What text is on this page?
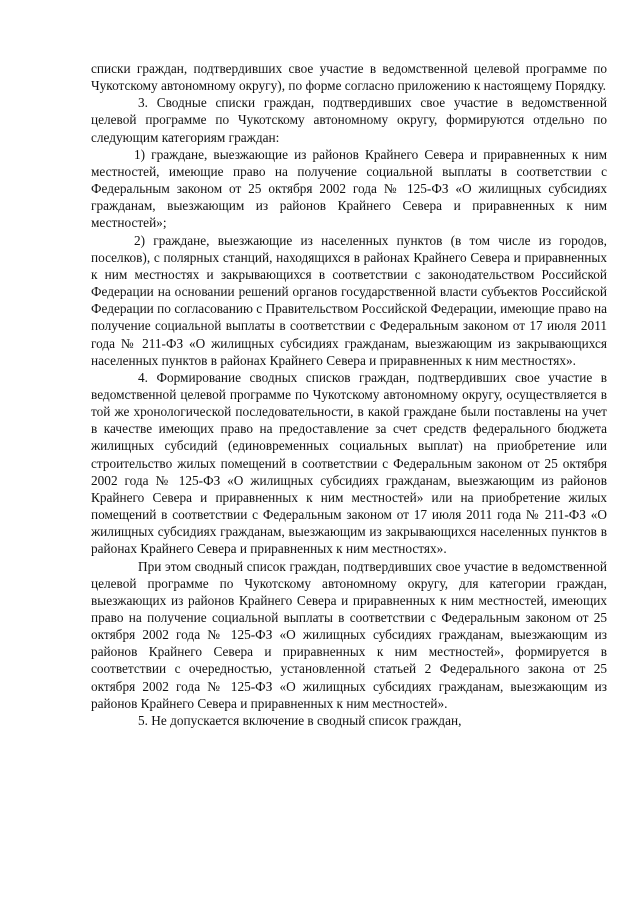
списки граждан, подтвердивших свое участие в ведомственной целевой программе по Чукотскому автономному округу), по форме согласно приложению к настоящему Порядку.

3. Сводные списки граждан, подтвердивших свое участие в ведомственной целевой программе по Чукотскому автономному округу, формируются отдельно по следующим категориям граждан:

1) граждане, выезжающие из районов Крайнего Севера и приравненных к ним местностей, имеющие право на получение социальной выплаты в соответствии с Федеральным законом от 25 октября 2002 года № 125-ФЗ «О жилищных субсидиях гражданам, выезжающим из районов Крайнего Севера и приравненных к ним местностей»;

2) граждане, выезжающие из населенных пунктов (в том числе из городов, поселков), с полярных станций, находящихся в районах Крайнего Севера и приравненных к ним местностях и закрывающихся в соответствии с законодательством Российской Федерации на основании решений органов государственной власти субъектов Российской Федерации по согласованию с Правительством Российской Федерации, имеющие право на получение социальной выплаты в соответствии с Федеральным законом от 17 июля 2011 года № 211-ФЗ «О жилищных субсидиях гражданам, выезжающим из закрывающихся населенных пунктов в районах Крайнего Севера и приравненных к ним местностях».

4. Формирование сводных списков граждан, подтвердивших свое участие в ведомственной целевой программе по Чукотскому автономному округу, осуществляется в той же хронологической последовательности, в какой граждане были поставлены на учет в качестве имеющих право на предоставление за счет средств федерального бюджета жилищных субсидий (единовременных социальных выплат) на приобретение или строительство жилых помещений в соответствии с Федеральным законом от 25 октября 2002 года № 125-ФЗ «О жилищных субсидиях гражданам, выезжающим из районов Крайнего Севера и приравненных к ним местностей» или на приобретение жилых помещений в соответствии с Федеральным законом от 17 июля 2011 года № 211-ФЗ «О жилищных субсидиях гражданам, выезжающим из закрывающихся населенных пунктов в районах Крайнего Севера и приравненных к ним местностях».

При этом сводный список граждан, подтвердивших свое участие в ведомственной целевой программе по Чукотскому автономному округу, для категории граждан, выезжающих из районов Крайнего Севера и приравненных к ним местностей, имеющих право на получение социальной выплаты в соответствии с Федеральным законом от 25 октября 2002 года № 125-ФЗ «О жилищных субсидиях гражданам, выезжающим из районов Крайнего Севера и приравненных к ним местностей», формируется в соответствии с очередностью, установленной статьей 2 Федерального закона от 25 октября 2002 года № 125-ФЗ «О жилищных субсидиях гражданам, выезжающим из районов Крайнего Севера и приравненных к ним местностей».

5. Не допускается включение в сводный список граждан,
